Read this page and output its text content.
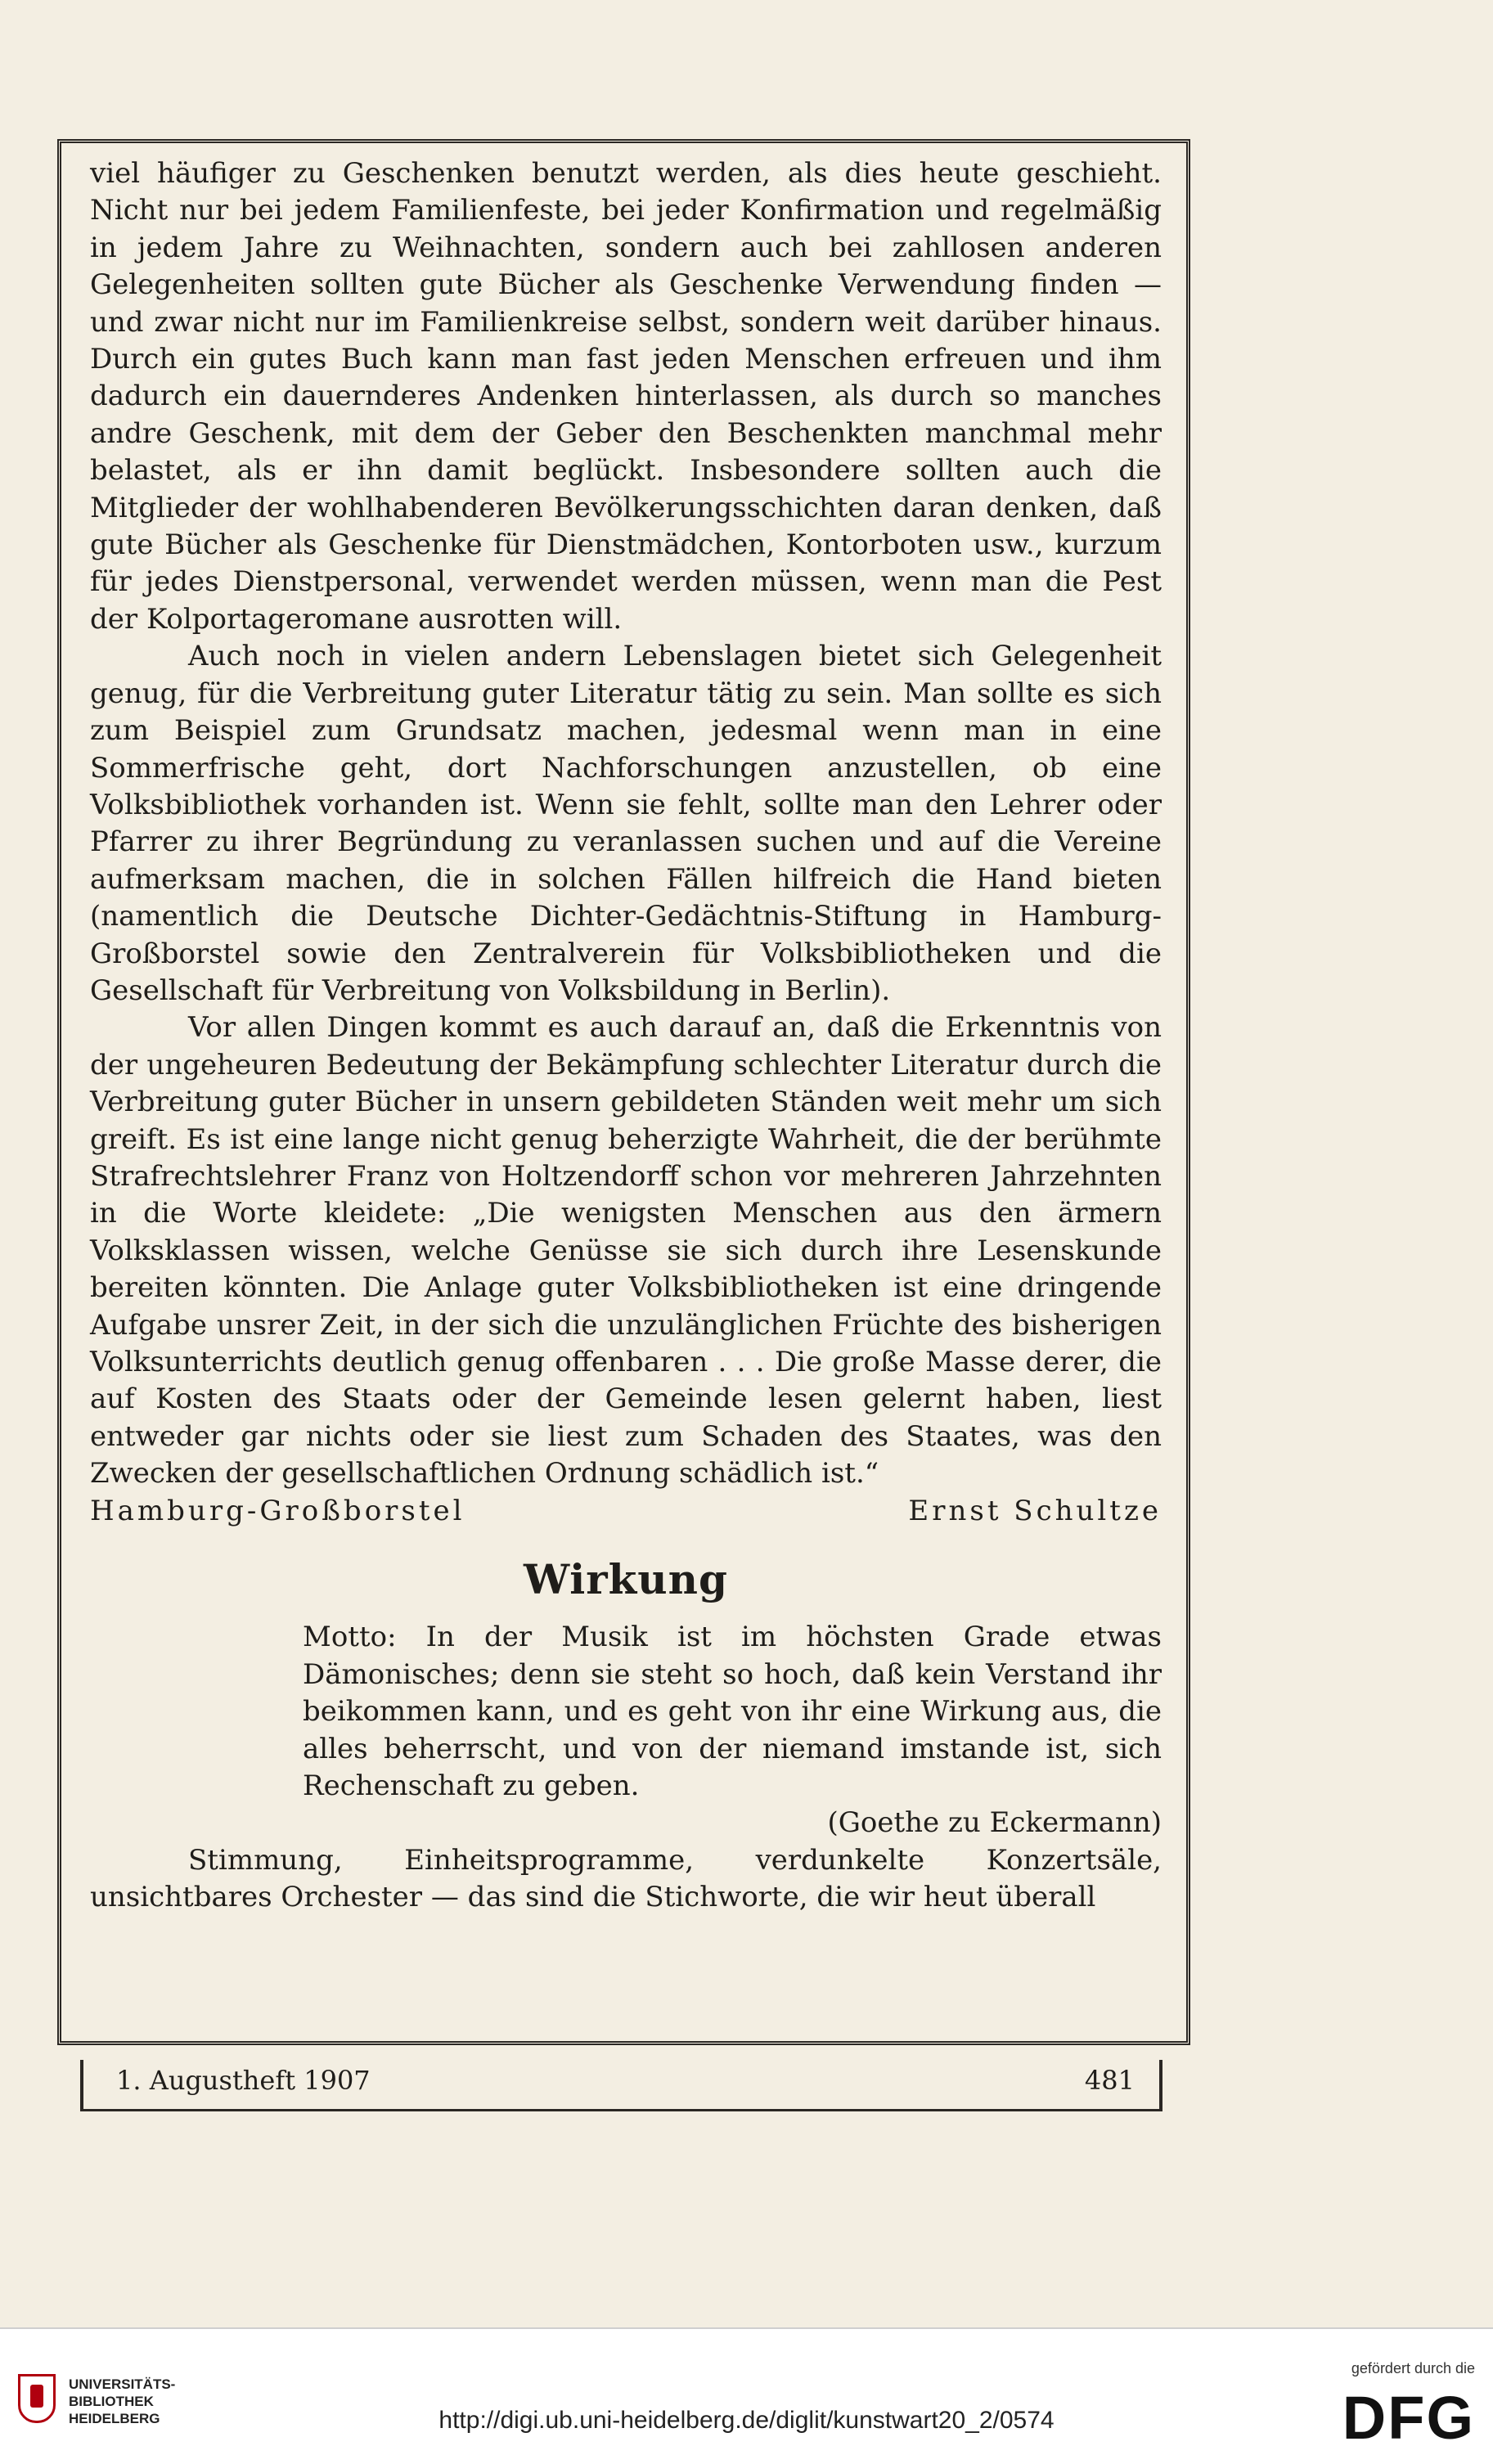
viel häufiger zu Geschenken benutzt werden, als dies heute geschieht. Nicht nur bei jedem Familienfeste, bei jeder Konfirmation und regelmäßig in jedem Jahre zu Weihnachten, sondern auch bei zahllosen anderen Gelegenheiten sollten gute Bücher als Geschenke Verwendung finden — und zwar nicht nur im Familienkreise selbst, sondern weit darüber hinaus. Durch ein gutes Buch kann man fast jeden Menschen erfreuen und ihm dadurch ein dauernderes Andenken hinterlassen, als durch so manches andre Geschenk, mit dem der Geber den Beschenkten manchmal mehr belastet, als er ihn damit beglückt. Insbesondere sollten auch die Mitglieder der wohlhabenderen Bevölkerungsschichten daran denken, daß gute Bücher als Geschenke für Dienstmädchen, Kontorboten usw., kurzum für jedes Dienstpersonal, verwendet werden müssen, wenn man die Pest der Kolportageromane ausrotten will.

Auch noch in vielen andern Lebenslagen bietet sich Gelegenheit genug, für die Verbreitung guter Literatur tätig zu sein. Man sollte es sich zum Beispiel zum Grundsatz machen, jedesmal wenn man in eine Sommerfrische geht, dort Nachforschungen anzustellen, ob eine Volksbibliothek vorhanden ist. Wenn sie fehlt, sollte man den Lehrer oder Pfarrer zu ihrer Begründung zu veranlassen suchen und auf die Vereine aufmerksam machen, die in solchen Fällen hilfreich die Hand bieten (namentlich die Deutsche Dichter-Gedächtnis-Stiftung in Hamburg-Großborstel sowie den Zentralverein für Volksbibliotheken und die Gesellschaft für Verbreitung von Volksbildung in Berlin).

Vor allen Dingen kommt es auch darauf an, daß die Erkenntnis von der ungeheuren Bedeutung der Bekämpfung schlechter Literatur durch die Verbreitung guter Bücher in unsern gebildeten Ständen weit mehr um sich greift. Es ist eine lange nicht genug beherzigte Wahrheit, die der berühmte Strafrechtslehrer Franz von Holtzendorff schon vor mehreren Jahrzehnten in die Worte kleidete: „Die wenigsten Menschen aus den ärmern Volksklassen wissen, welche Genüsse sie sich durch ihre Lesenskunde bereiten könnten. Die Anlage guter Volksbibliotheken ist eine dringende Aufgabe unsrer Zeit, in der sich die unzulänglichen Früchte des bisherigen Volksunterrichts deutlich genug offenbaren . . . Die große Masse derer, die auf Kosten des Staats oder der Gemeinde lesen gelernt haben, liest entweder gar nichts oder sie liest zum Schaden des Staates, was den Zwecken der gesellschaftlichen Ordnung schädlich ist.“

Hamburg-Großborstel	Ernst Schultze
Wirkung

Motto: In der Musik ist im höchsten Grade etwas Dämonisches; denn sie steht so hoch, daß kein Verstand ihr beikommen kann, und es geht von ihr eine Wirkung aus, die alles beherrscht, und von der niemand imstande ist, sich Rechenschaft zu geben.

(Goethe zu Eckermann)

Stimmung, Einheitsprogramme, verdunkelte Konzertsäle, unsichtbares Orchester — das sind die Stichworte, die wir heut überall

1. Augustheft 1907	481
UNIVERSITÄTS-
BIBLIOTHEK
HEIDELBERG	http://digi.ub.uni-heidelberg.de/diglit/kunstwart20_2/0574
gefördert durch die
DFG
